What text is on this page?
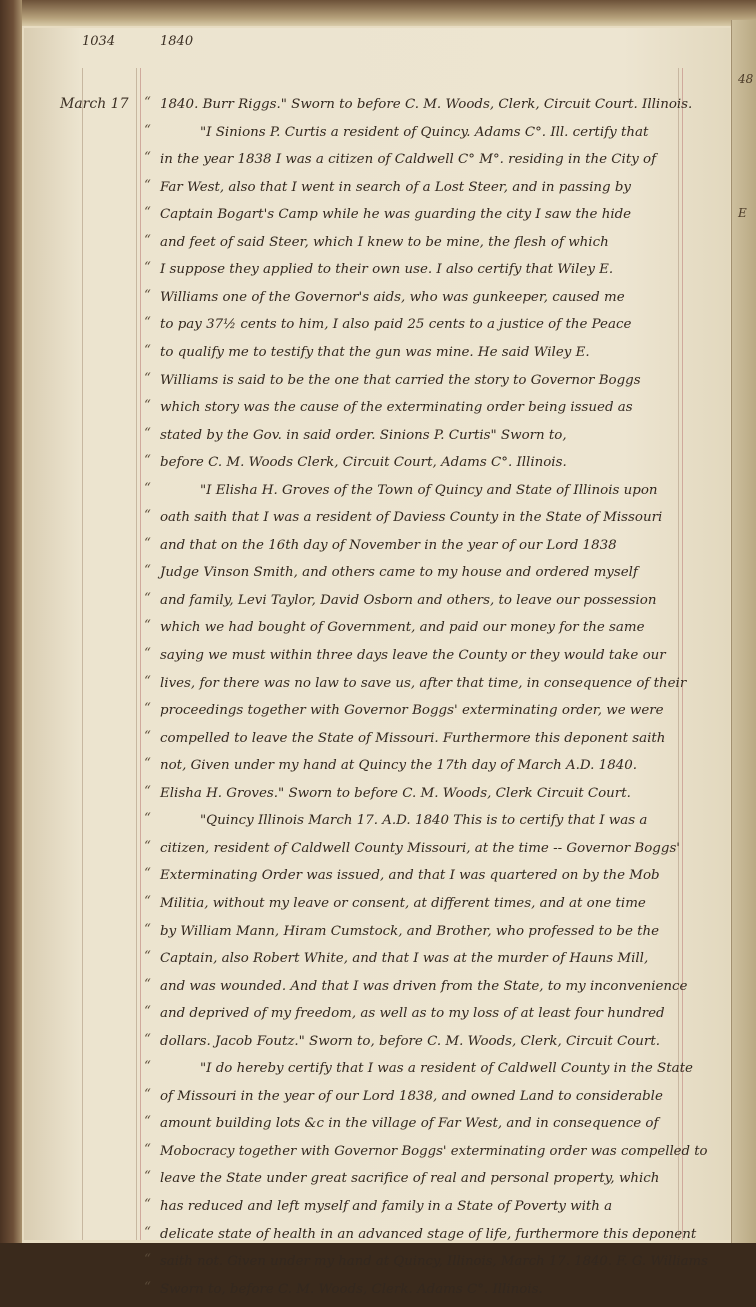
48
E
1034	1840
March 17 “ 1840. Burr Riggs." Sworn to before C. M. Woods, Clerk, Circuit Court. Illinois.
“	"I Sinions P. Curtis a resident of Quincy. Adams C°. Ill. certify that
“ in the year 1838 I was a citizen of Caldwell C° M°. residing in the City of
“ Far West, also that I went in search of a Lost Steer, and in passing by
“ Captain Bogart's Camp while he was guarding the city I saw the hide
“ and feet of said Steer, which I knew to be mine, the flesh of which
“ I suppose they applied to their own use. I also certify that Wiley E.
“ Williams one of the Governor's aids, who was gunkeeper, caused me
“ to pay 37½ cents to him, I also paid 25 cents to a justice of the Peace
“ to qualify me to testify that the gun was mine. He said Wiley E.
“ Williams is said to be the one that carried the story to Governor Boggs
“ which story was the cause of the exterminating order being issued as
“ stated by the Gov. in said order. Sinions P. Curtis" Sworn to,
“ before C. M. Woods Clerk, Circuit Court, Adams C°. Illinois.
“	"I Elisha H. Groves of the Town of Quincy and State of Illinois upon
“ oath saith that I was a resident of Daviess County in the State of Missouri
“ and that on the 16th day of November in the year of our Lord 1838
“ Judge Vinson Smith, and others came to my house and ordered myself
“ and family, Levi Taylor, David Osborn and others, to leave our possession
“ which we had bought of Government, and paid our money for the same
“ saying we must within three days leave the County or they would take our
“ lives, for there was no law to save us, after that time, in consequence of their
“ proceedings together with Governor Boggs' exterminating order, we were
“ compelled to leave the State of Missouri. Furthermore this deponent saith
“ not, Given under my hand at Quincy the 17th day of March A.D. 1840.
“ Elisha H. Groves." Sworn to before C. M. Woods, Clerk Circuit Court.
“	"Quincy Illinois March 17. A.D. 1840 This is to certify that I was a
“ citizen, resident of Caldwell County Missouri, at the time -- Governor Boggs'
“ Exterminating Order was issued, and that I was quartered on by the Mob
“ Militia, without my leave or consent, at different times, and at one time
“ by William Mann, Hiram Cumstock, and Brother, who professed to be the
“ Captain, also Robert White, and that I was at the murder of Hauns Mill,
“ and was wounded. And that I was driven from the State, to my inconvenience
“ and deprived of my freedom, as well as to my loss of at least four hundred
“ dollars. Jacob Foutz." Sworn to, before C. M. Woods, Clerk, Circuit Court.
“	"I do hereby certify that I was a resident of Caldwell County in the State
“ of Missouri in the year of our Lord 1838, and owned Land to considerable
“ amount building lots &c in the village of Far West, and in consequence of
“ Mobocracy together with Governor Boggs' exterminating order was compelled to
“ leave the State under great sacrifice of real and personal property, which
“ has reduced and left myself and family in a State of Poverty with a
“ delicate state of health in an advanced stage of life, furthermore this deponent
“ saith not. Given under my hand at Quincy, Illinois, March 17. 1840. F. G. Williams
“ Sworn to, before C. M. Woods, Clerk. Adams C°. Illinois.
